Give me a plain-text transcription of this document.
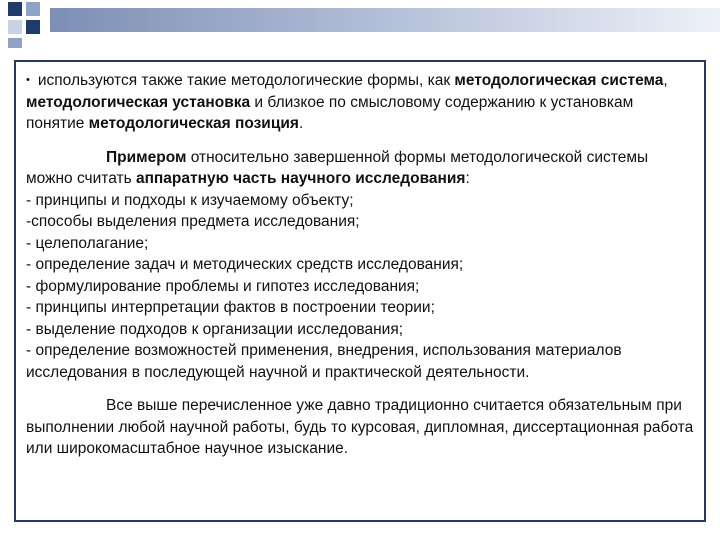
• используются также такие методологические формы, как методологическая система, методологическая установка и близкое по смысловому содержанию к установкам понятие методологическая позиция.

Примером относительно завершенной формы методологической системы можно считать аппаратную часть научного исследования:

- принципы и подходы к изучаемому объекту;
-способы выделения предмета исследования;
- целеполагание;
- определение задач и методических средств исследования;
- формулирование проблемы и гипотез исследования;
- принципы интерпретации фактов в построении теории;
- выделение подходов к организации исследования;
- определение возможностей применения, внедрения, использования материалов исследования в последующей научной и практической деятельности.

Все выше перечисленное уже давно традиционно считается обязательным при выполнении любой научной работы, будь то курсовая, дипломная, диссертационная работа или широкомасштабное научное изыскание.
